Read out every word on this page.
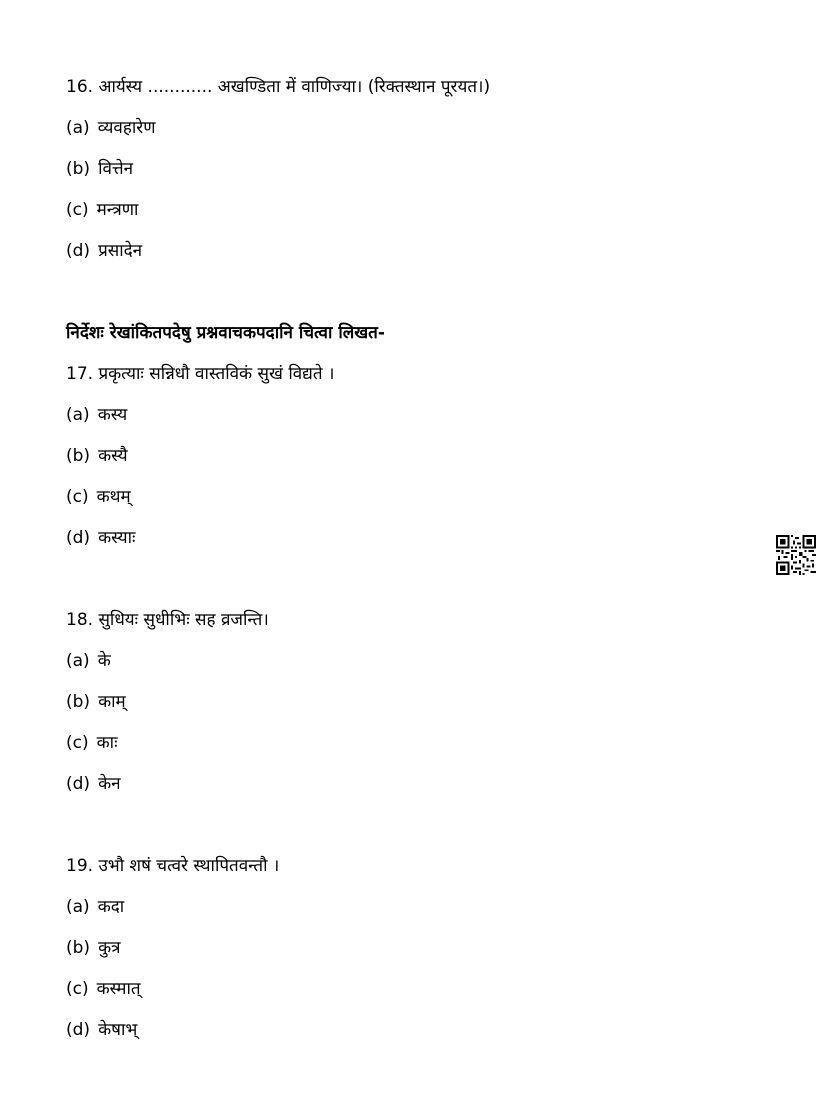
16. आर्यस्य ............ अखण्डिता में वाणिज्या। (रिक्तस्थान पूरयत।)
(a) व्यवहारेण
(b) वित्तेन
(c) मन्त्रणा
(d) प्रसादेन
निर्देशः रेखांकितपदेषु प्रश्नवाचकपदानि चित्वा लिखत-
17. प्रकृत्याः सन्निधौ वास्तविकं सुखं विद्यते ।
(a) कस्य
(b) कस्यै
(c) कथम्
(d) कस्याः
18. सुधियः सुधीभिः सह व्रजन्ति।
(a) के
(b) काम्
(c) काः
(d) केन
19. उभौ शषं चत्वरे स्थापितवन्तौ ।
(a) कदा
(b) कुत्र
(c) कस्मात्
(d) केषाभ्
